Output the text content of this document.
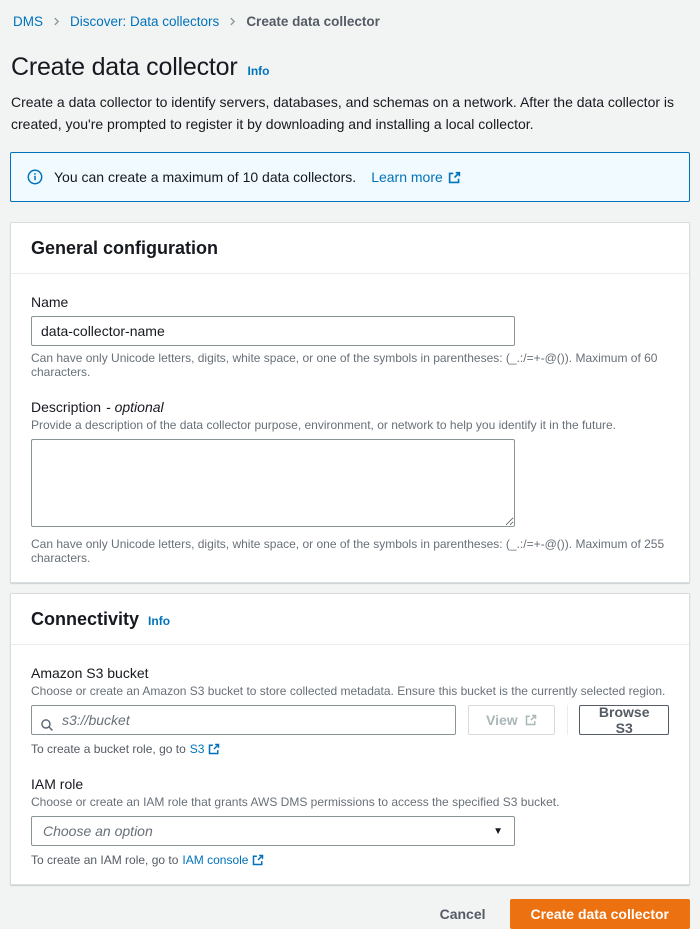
DMS Discover: Data collectors Create data collector
Create data collector Info

Create a data collector to identify servers, databases, and schemas on a network. After the data collector is created, you're prompted to register it by downloading and installing a local collector.

You can create a maximum of 10 data collectors. Learn more
General configuration
Name
data-collector-name
Can have only Unicode letters, digits, white space, or one of the symbols in parentheses: (_.:/=+-@()). Maximum of 60 characters.
Description - optional
Provide a description of the data collector purpose, environment, or network to help you identify it in the future.
Can have only Unicode letters, digits, white space, or one of the symbols in parentheses: (_.:/=+-@()). Maximum of 255 characters.
Connectivity Info
Amazon S3 bucket
Choose or create an Amazon S3 bucket to store collected metadata. Ensure this bucket is the currently selected region.
s3://bucket
View	Browse S3
To create a bucket role, go to S3
IAM role
Choose or create an IAM role that grants AWS DMS permissions to access the specified S3 bucket.
Choose an option	▼
To create an IAM role, go to IAM console
Cancel	Create data collector
